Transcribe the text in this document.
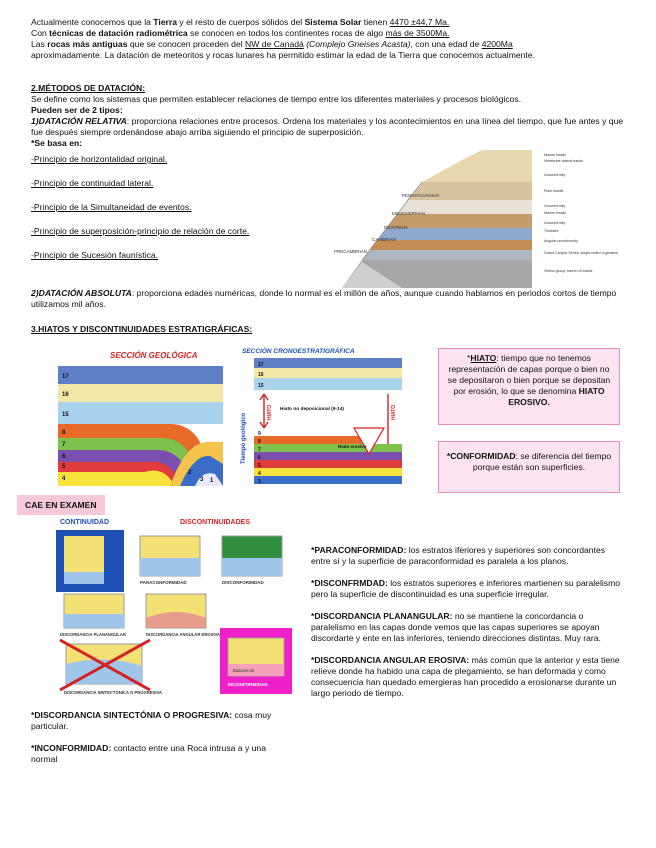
Actualmente conocemos que la Tierra y el resto de cuerpos sólidos del Sistema Solar tienen 4470 ±44,7 Ma.

Con técnicas de datación radiométrica se conocen en todos los continentes rocas de algo más de 3500Ma.

Las rocas más antiguas que se conocen proceden del NW de Canadá (Complejo Gneises Acasta), con una edad de 4200Ma

aproximadamente. La datación de meteoritos y rocas lunares ha permitido estimar la edad de la Tierra que conocemos actualmente.

2.MÉTODOS DE DATACIÓN:

Se define como los sistemas que permiten establecer relaciones de tiempo entre los diferentes materiales y procesos biológicos.

Pueden ser de 2 tipos:

1)DATACIÓN RELATIVA: proporciona relaciones entre procesos. Ordena los materiales y los acontecimientos en una línea del tiempo, que fue antes y que fue después siempre ordenándose abajo arriba siguiendo el principio de superposición.

*Se basa en:

-Principio de horizontalidad original.
-Principio de continuidad lateral.
-Principio de la Simultaneidad de eventos.
-Principio de superposición-principio de relación de corte.
-Principio de Sucesión faunística.
PENNSYLVANIAN
MISSISSIPPIAN
DEVONIAN
CAMBRIAN
PRECAMBRIAN
Marine fossils
Vertebrate animal tracks
Unconformity
Plant fossils
Unconformity
Marine fossils
Unconformity
Trilobites
Angular unconformity
Grand Canyon Series: single-celled organisms
Vishnu group: barren of fossils

2)DATACIÓN ABSOLUTA: proporciona edades numéricas, donde lo normal es el millón de años, aunque cuando hablamos en periodos cortos de tiempo utilizamos mil años.

3.HIATOS Y DISCONTINUIDADES ESTRATIGRÁFICAS:
SECCIÓN GEOLÓGICA
17
16
15
8
7
6
5
4	3
2
1
SECCIÓN CRONOESTRATIGRÁFICA
Tiempo geológico
HIATO	HIATO
Hiato no deposicional (9-14)
Hiato erosivo
17
16
15
9
8
7
6
5
4
3
*HIATO: tiempo que no tenemos representación de capas porque o bien no se depositaron o bien porque se depositan por erosión, lo que se denomina HIATO EROSIVO.
*CONFORMIDAD: se diferencia del tiempo porque están son superficies.
CAE EN EXAMEN
CONTINUIDAD	DISCONTINUIDADES
PARACONFORMIDAD	DISCONFORMIDAD
DISCORDANCIA PLANANGULAR	DISCORDANCIA ANGULAR EROSIVA
DISCORDANCIA SINTECTÓNICA O PROGRESIVA
Basamento
INCONFORMIDAD

*PARACONFORMIDAD: los estratos iferiores y superiores son concordantes entre sí y la superficie de paraconformidad es paralela a los planos.

*DISCONFRMDAD: los estratos superiores e inferiores martienen su paralelismo pero la superficie de discontinuidad es una superficie irregular.

*DISCORDANCIA PLANANGULAR: no se mantiene la concordancia o paralelismo en las capas donde vemos que las capas superiores se apoyan discordarte y ente en las inferiores, teniendo direcciones distintas. Muy rara.

*DISCORDANCIA ANGULAR EROSIVA: más común que la anterior y esta tiene relieve donde ha habido una capa de plegamiento, se han deformada y como consecuencia han quedado emergieras han procedido a erosionarse durante un largo periodo de tiempo.

*DISCORDANCIA SINTECTÓNIA O PROGRESIVA: cosa muy particular.

*INCONFORMIDAD: contacto entre una Roca intrusa a y una normal
